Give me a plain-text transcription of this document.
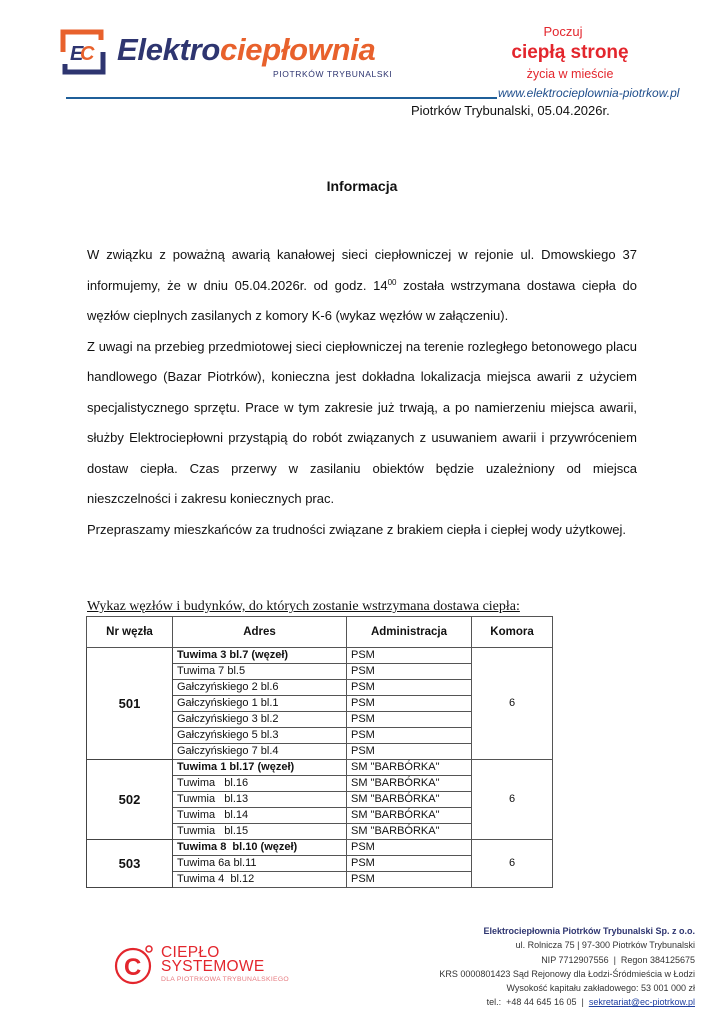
E
C Elektrociepłownia
PIOTRKÓW TRYBUNALSKI
Poczuj
ciepłą stronę
życia w mieście
www.elektrocieplownia-piotrkow.pl
Piotrków Trybunalski, 05.04.2026r.
Informacja

W związku z poważną awarią kanałowej sieci ciepłowniczej w rejonie ul. Dmowskiego 37 informujemy, że w dniu 05.04.2026r. od godz. $14^{00}$ została wstrzymana dostawa ciepła do węzłów cieplnych zasilanych z komory K-6 (wykaz węzłów w załączeniu).

Z uwagi na przebieg przedmiotowej sieci ciepłowniczej na terenie rozległego betonowego placu handlowego (Bazar Piotrków), konieczna jest dokładna lokalizacja miejsca awarii z użyciem specjalistycznego sprzętu. Prace w tym zakresie już trwają, a po namierzeniu miejsca awarii, służby Elektrociepłowni przystąpią do robót związanych z usuwaniem awarii i przywróceniem dostaw ciepła. Czas przerwy w zasilaniu obiektów będzie uzależniony od miejsca nieszczelności i zakresu koniecznych prac.

Przepraszamy mieszkańców za trudności związane z brakiem ciepła i ciepłej wody użytkowej.

Wykaz węzłów i budynków, do których zostanie wstrzymana dostawa ciepła:
Nr węzła	Adres	Administracja	Komora
501	Tuwima 3 bl.7 (węzeł)	PSM	6
	Tuwima 7 bl.5	PSM	
	Gałczyńskiego 2 bl.6	PSM	
	Gałczyńskiego 1 bl.1	PSM	
	Gałczyńskiego 3 bl.2	PSM	
	Gałczyńskiego 5 bl.3	PSM	
	Gałczyńskiego 7 bl.4	PSM	
502	Tuwima 1 bl.17 (węzeł)	SM "BARBÓRKA"	6
	Tuwima   bl.16	SM "BARBÓRKA"	
	Tuwmia   bl.13	SM "BARBÓRKA"	
	Tuwima   bl.14	SM "BARBÓRKA"	
	Tuwmia   bl.15	SM "BARBÓRKA"	
503	Tuwima 8  bl.10 (węzeł)	PSM	6
	Tuwima 6a bl.11	PSM	
	Tuwima 4  bl.12	PSM	
C
CIEPŁO
SYSTEMOWE
DLA PIOTRKOWA TRYBUNALSKIEGO
Elektrociepłownia Piotrków Trybunalski Sp. z o.o.
ul. Rolnicza 75 | 97-300 Piotrków Trybunalski
NIP 7712907556  |  Regon 384125675
KRS 0000801423 Sąd Rejonowy dla Łodzi-Śródmieścia w Łodzi
Wysokość kapitału zakładowego: 53 001 000 zł
tel.:  +48 44 645 16 05  |  sekretariat@ec-piotrkow.pl
